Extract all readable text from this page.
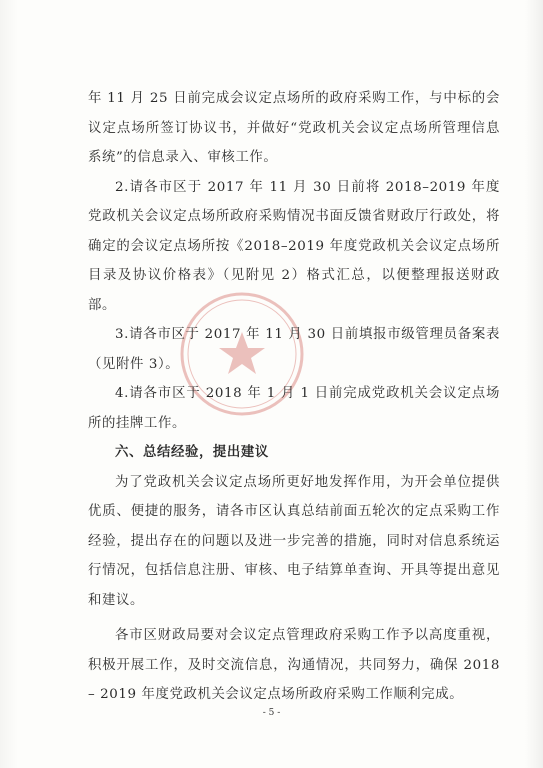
年 11 月 25 日前完成会议定点场所的政府采购工作，与中标的会议定点场所签订协议书，并做好“党政机关会议定点场所管理信息系统”的信息录入、审核工作。

2.请各市区于 2017 年 11 月 30 日前将 2018–2019 年度党政机关会议定点场所政府采购情况书面反馈省财政厅行政处，将确定的会议定点场所按《2018–2019 年度党政机关会议定点场所目录及协议价格表》（见附见 2）格式汇总，以便整理报送财政部。

3.请各市区于 2017 年 11 月 30 日前填报市级管理员备案表（见附件 3）。

4.请各市区于 2018 年 1 月 1 日前完成党政机关会议定点场所的挂牌工作。

六、总结经验，提出建议

为了党政机关会议定点场所更好地发挥作用，为开会单位提供优质、便捷的服务，请各市区认真总结前面五轮次的定点采购工作经验，提出存在的问题以及进一步完善的措施，同时对信息系统运行情况，包括信息注册、审核、电子结算单查询、开具等提出意见和建议。

各市区财政局要对会议定点管理政府采购工作予以高度重视，积极开展工作，及时交流信息，沟通情况，共同努力，确保 2018 – 2019 年度党政机关会议定点场所政府采购工作顺利完成。

- 5 -
